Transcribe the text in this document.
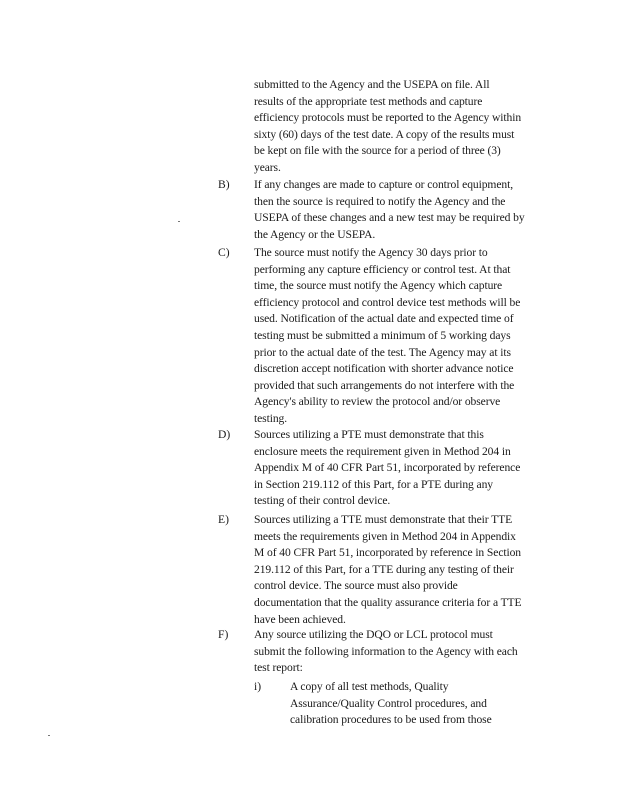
submitted to the Agency and the USEPA on file. All
results of the appropriate test methods and capture
efficiency protocols must be reported to the Agency within
sixty (60) days of the test date. A copy of the results must
be kept on file with the source for a period of three (3)
years.
B) If any changes are made to capture or control equipment,
then the source is required to notify the Agency and the
USEPA of these changes and a new test may be required by
the Agency or the USEPA.
C) The source must notify the Agency 30 days prior to
performing any capture efficiency or control test. At that
time, the source must notify the Agency which capture
efficiency protocol and control device test methods will be
used. Notification of the actual date and expected time of
testing must be submitted a minimum of 5 working days
prior to the actual date of the test. The Agency may at its
discretion accept notification with shorter advance notice
provided that such arrangements do not interfere with the
Agency's ability to review the protocol and/or observe
testing.
D) Sources utilizing a PTE must demonstrate that this
enclosure meets the requirement given in Method 204 in
Appendix M of 40 CFR Part 51, incorporated by reference
in Section 219.112 of this Part, for a PTE during any
testing of their control device.
E) Sources utilizing a TTE must demonstrate that their TTE
meets the requirements given in Method 204 in Appendix
M of 40 CFR Part 51, incorporated by reference in Section
219.112 of this Part, for a TTE during any testing of their
control device. The source must also provide
documentation that the quality assurance criteria for a TTE
have been achieved.
F) Any source utilizing the DQO or LCL protocol must
submit the following information to the Agency with each
test report:
i) A copy of all test methods, Quality
Assurance/Quality Control procedures, and
calibration procedures to be used from those
